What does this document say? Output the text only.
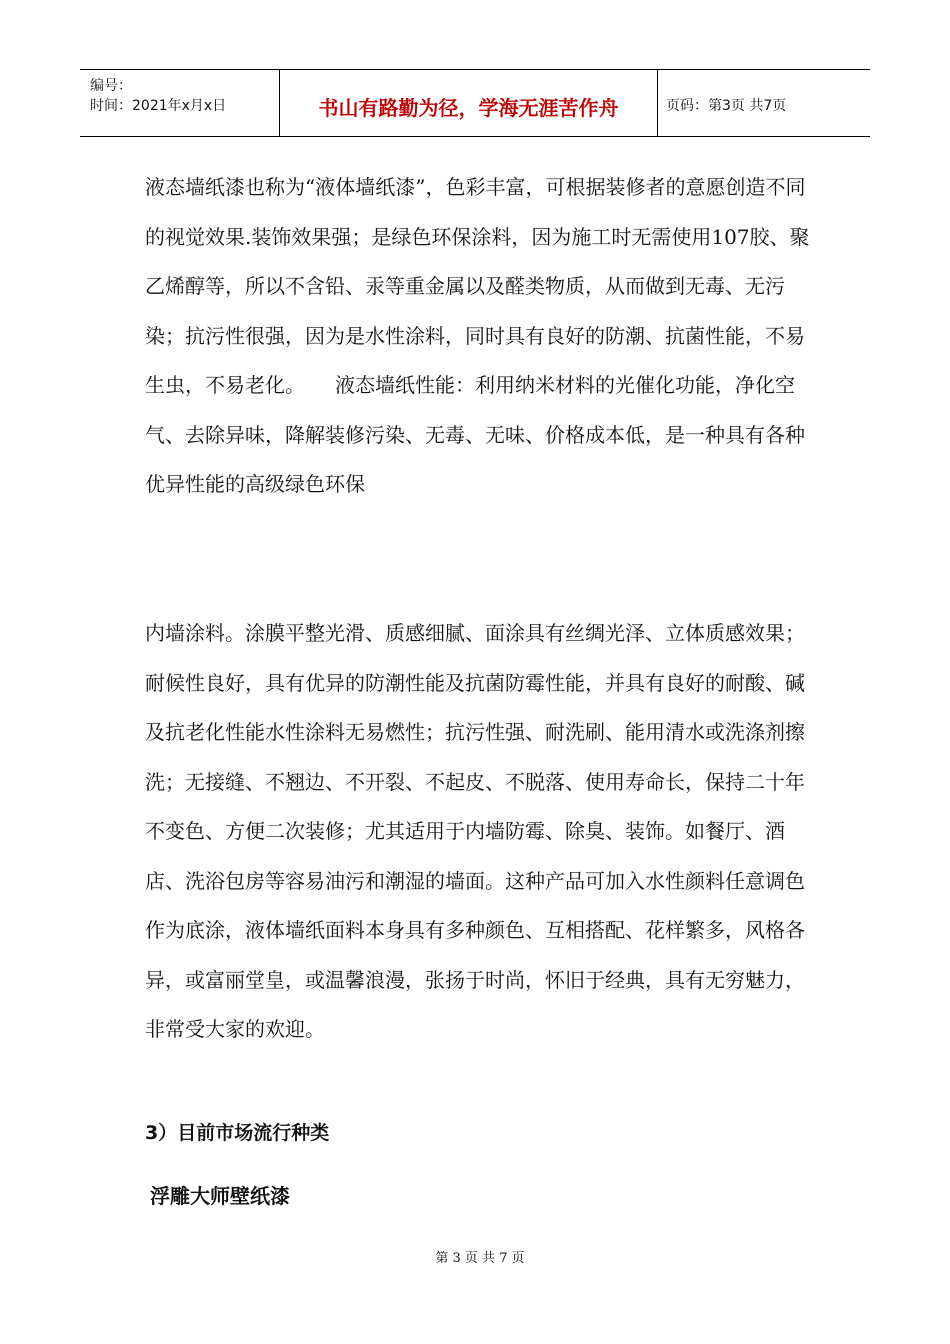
编号：
时间：2021年x月x日	书山有路勤为径，学海无涯苦作舟	页码：第3页 共7页

液态墙纸漆也称为“液体墙纸漆”，色彩丰富，可根据装修者的意愿创造不同的视觉效果.装饰效果强；是绿色环保涂料，因为施工时无需使用107胶、聚乙烯醇等，所以不含铅、汞等重金属以及醛类物质，从而做到无毒、无污染；抗污性很强，因为是水性涂料，同时具有良好的防潮、抗菌性能，不易生虫，不易老化。　　液态墙纸性能：利用纳米材料的光催化功能，净化空气、去除异味，降解装修污染、无毒、无味、价格成本低，是一种具有各种优异性能的高级绿色环保

内墙涂料。涂膜平整光滑、质感细腻、面涂具有丝绸光泽、立体质感效果；耐候性良好，具有优异的防潮性能及抗菌防霉性能，并具有良好的耐酸、碱及抗老化性能水性涂料无易燃性；抗污性强、耐洗刷、能用清水或洗涤剂擦洗；无接缝、不翘边、不开裂、不起皮、不脱落、使用寿命长，保持二十年不变色、方便二次装修；尤其适用于内墙防霉、除臭、装饰。如餐厅、酒店、洗浴包房等容易油污和潮湿的墙面。这种产品可加入水性颜料任意调色作为底涂，液体墙纸面料本身具有多种颜色、互相搭配、花样繁多，风格各异，或富丽堂皇，或温馨浪漫，张扬于时尚，怀旧于经典，具有无穷魅力，非常受大家的欢迎。

3）目前市场流行种类
浮雕大师壁纸漆
第 3 页 共 7 页
